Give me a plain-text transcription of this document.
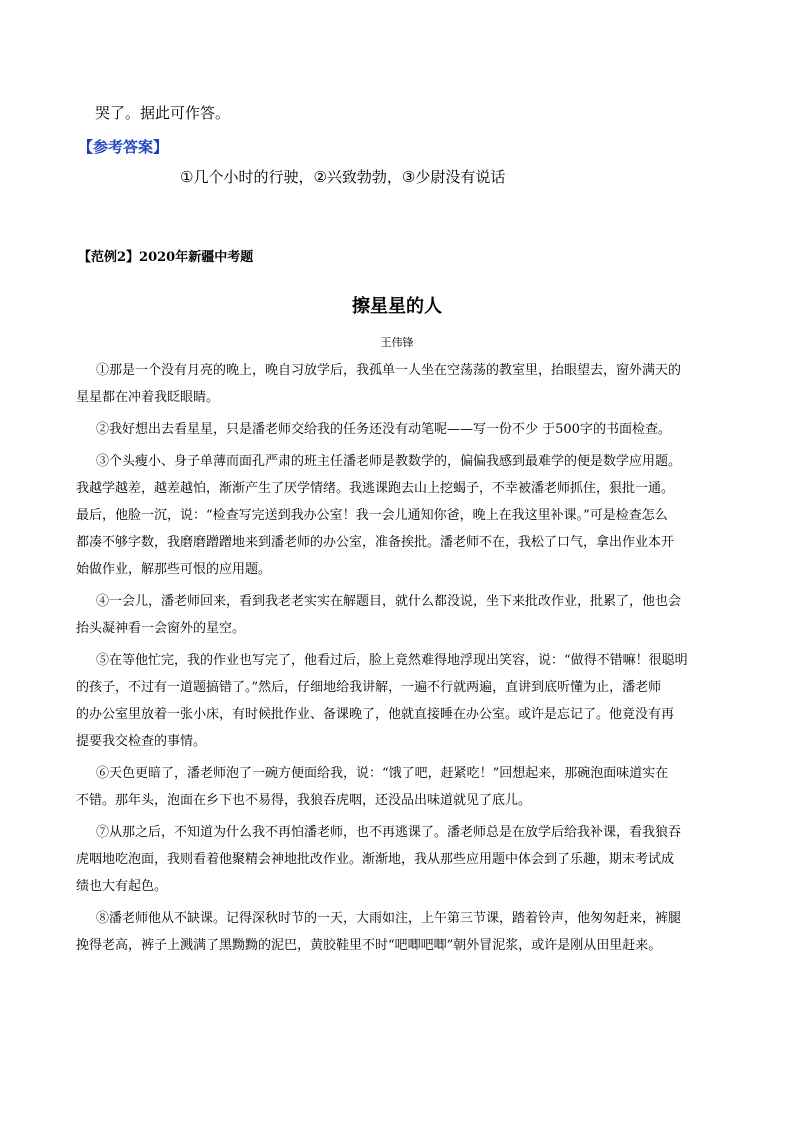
哭了。据此可作答。
【参考答案】
①几个小时的行驶，②兴致勃勃，③少尉没有说话
【范例2】2020年新疆中考题
擦星星的人
王伟锋
①那是一个没有月亮的晚上，晚自习放学后，我孤单一人坐在空荡荡的教室里，抬眼望去，窗外满天的
星星都在冲着我眨眼睛。
②我好想出去看星星，只是潘老师交给我的任务还没有动笔呢——写一份不少 于500字的书面检查。
③个头瘦小、身子单薄而面孔严肃的班主任潘老师是教数学的，偏偏我感到最难学的便是数学应用题。
我越学越差，越差越怕，渐渐产生了厌学情绪。我逃课跑去山上挖蝎子，不幸被潘老师抓住，狠批一通。
最后，他脸一沉，说：“检查写完送到我办公室！我一会儿通知你爸，晚上在我这里补课。”可是检查怎么
都凑不够字数，我磨磨蹭蹭地来到潘老师的办公室，准备挨批。潘老师不在，我松了口气，拿出作业本开
始做作业，解那些可恨的应用题。
④一会儿，潘老师回来，看到我老老实实在解题目，就什么都没说，坐下来批改作业，批累了，他也会
抬头凝神看一会窗外的星空。
⑤在等他忙完，我的作业也写完了，他看过后，脸上竟然难得地浮现出笑容，说：“做得不错嘛！很聪明
的孩子，不过有一道题搞错了。”然后，仔细地给我讲解，一遍不行就两遍，直讲到底听懂为止，潘老师
的办公室里放着一张小床，有时候批作业、备课晚了，他就直接睡在办公室。或许是忘记了。他竟没有再
提要我交检查的事情。
⑥天色更暗了，潘老师泡了一碗方便面给我，说：“饿了吧，赶紧吃！”回想起来，那碗泡面味道实在
不错。那年头，泡面在乡下也不易得，我狼吞虎咽，还没品出味道就见了底儿。
⑦从那之后，不知道为什么我不再怕潘老师，也不再逃课了。潘老师总是在放学后给我补课，看我狼吞
虎咽地吃泡面，我则看着他聚精会神地批改作业。渐渐地，我从那些应用题中体会到了乐趣，期末考试成
绩也大有起色。
⑧潘老师他从不缺课。记得深秋时节的一天，大雨如注，上午第三节课，踏着铃声，他匆匆赶来，裤腿
挽得老高，裤子上溅满了黑黝黝的泥巴，黄胶鞋里不时“吧唧吧唧”朝外冒泥浆，或许是刚从田里赶来。
